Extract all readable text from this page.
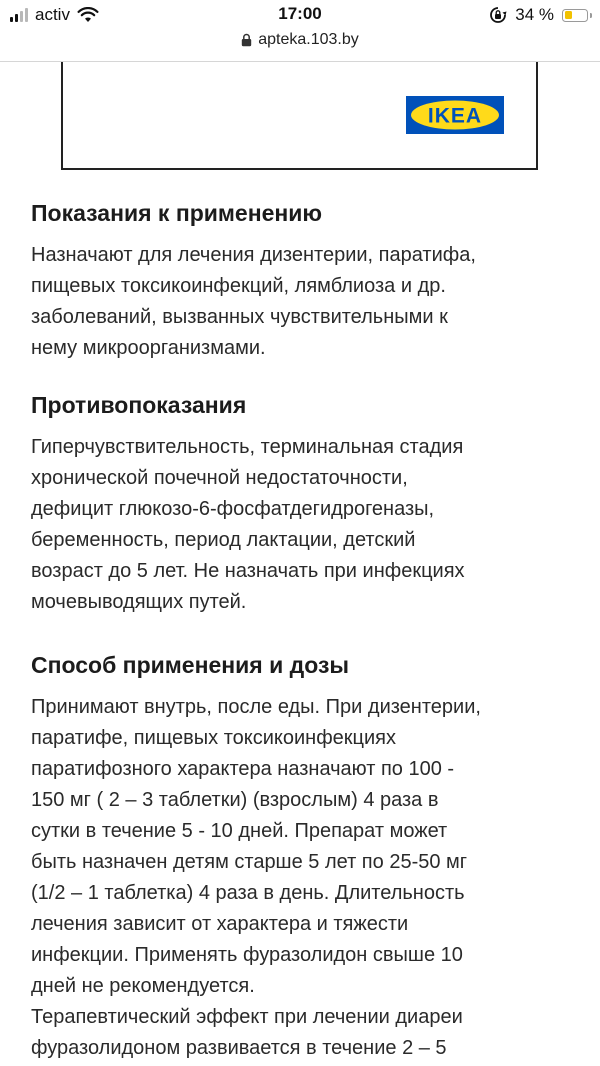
activ	17:00	34 %
apteka.103.by
IKEA
Показания к применению

Назначают для лечения дизентерии, паратифа,
пищевых токсикоинфекций, лямблиоза и др.
заболеваний, вызванных чувствительными к
нему микроорганизмами.

Противопоказания

Гиперчувствительность, терминальная стадия
хронической почечной недостаточности,
дефицит глюкозо-6-фосфатдегидрогеназы,
беременность, период лактации, детский
возраст до 5 лет. Не назначать при инфекциях
мочевыводящих путей.

Способ применения и дозы

Принимают внутрь, после еды. При дизентерии,
паратифе, пищевых токсикоинфекциях
паратифозного характера назначают по 100 -
150 мг ( 2 – 3 таблетки) (взрослым) 4 раза в
сутки в течение 5 - 10 дней. Препарат может
быть назначен детям старше 5 лет по 25-50 мг
(1/2 – 1 таблетка) 4 раза в день. Длительность
лечения зависит от характера и тяжести
инфекции. Применять фуразолидон свыше 10
дней не рекомендуется.
Терапевтический эффект при лечении диареи
фуразолидоном развивается в течение 2 – 5
